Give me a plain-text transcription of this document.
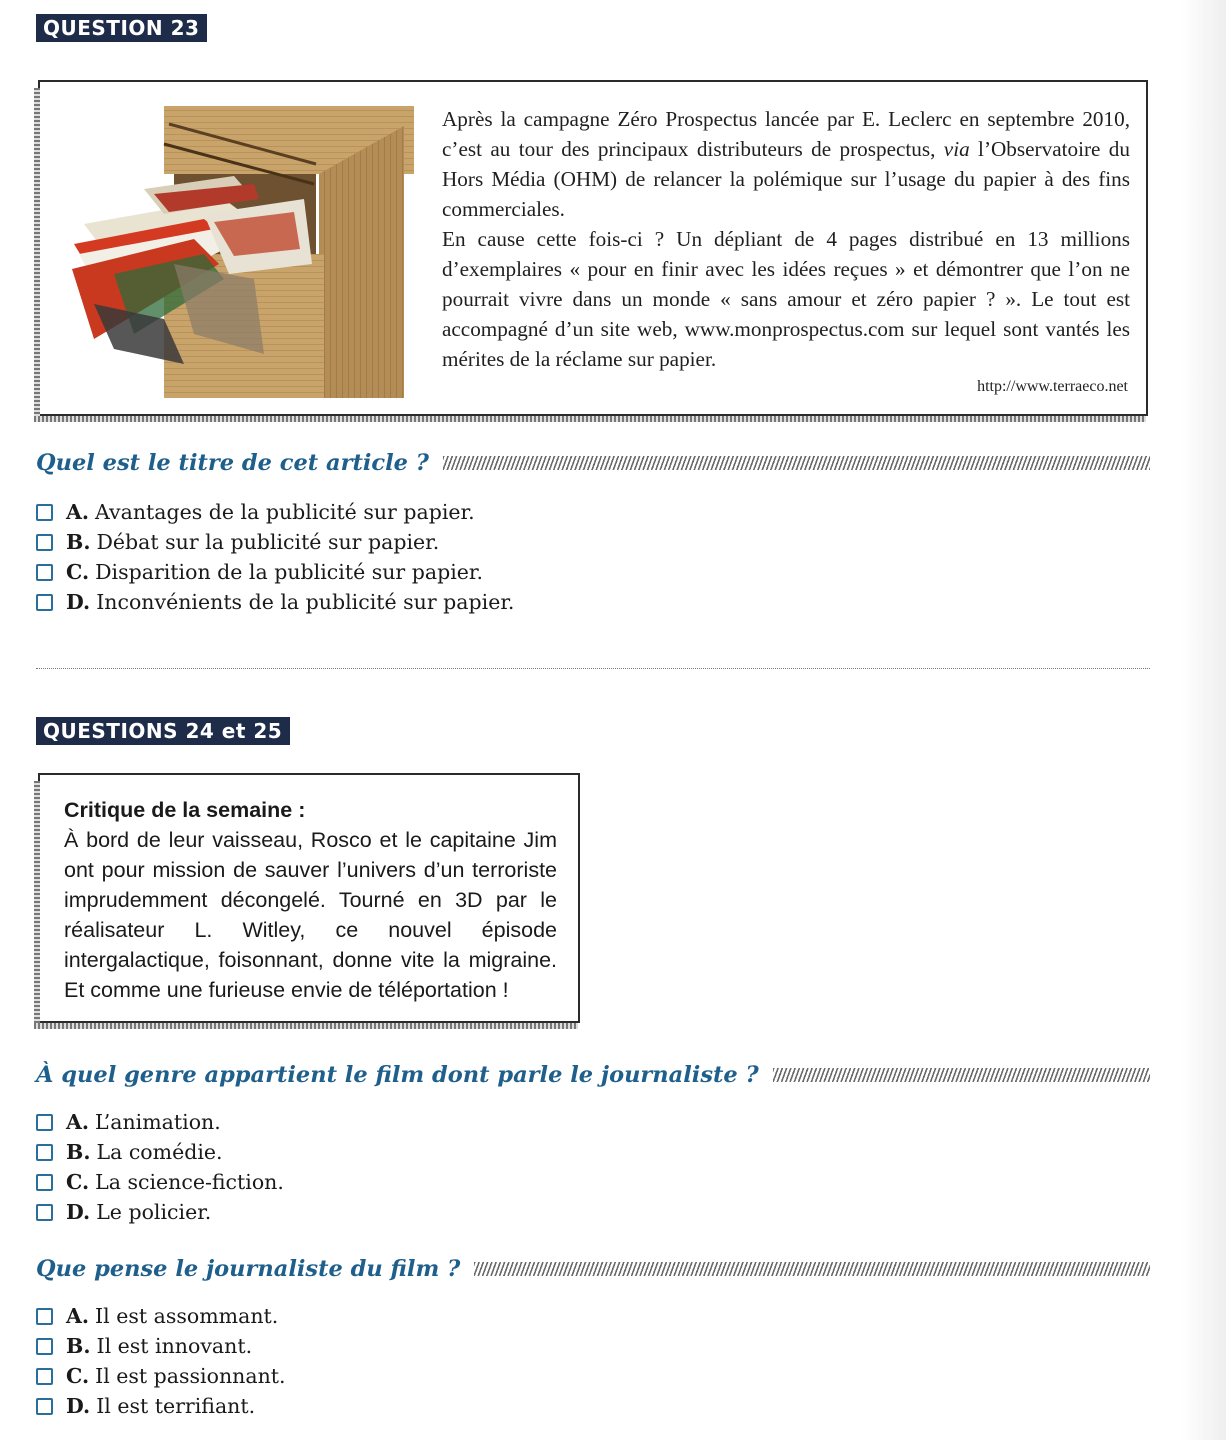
QUESTION 23

Après la campagne Zéro Prospectus lancée par E. Leclerc en septembre 2010, c’est au tour des principaux distributeurs de prospectus, via l’Observatoire du Hors Média (OHM) de relancer la polémique sur l’usage du papier à des fins commerciales.

En cause cette fois-ci ? Un dépliant de 4 pages distribué en 13 millions d’exemplaires « pour en finir avec les idées reçues » et démontrer que l’on ne pourrait vivre dans un monde « sans amour et zéro papier ? ». Le tout est accompagné d’un site web, www.monprospectus.com sur lequel sont vantés les mérites de la réclame sur papier.

http://www.terraeco.net
Quel est le titre de cet article ?
A. Avantages de la publicité sur papier.
B. Débat sur la publicité sur papier.
C. Disparition de la publicité sur papier.
D. Inconvénients de la publicité sur papier.
QUESTIONS 24 et 25
Critique de la semaine :
À bord de leur vaisseau, Rosco et le capitaine Jim ont pour mission de sauver l’univers d’un terroriste imprudemment décongelé. Tourné en 3D par le réalisateur L. Witley, ce nouvel épisode intergalactique, foisonnant, donne vite la migraine. Et comme une furieuse envie de téléportation !
À quel genre appartient le film dont parle le journaliste ?
A. L’animation.
B. La comédie.
C. La science-fiction.
D. Le policier.
Que pense le journaliste du film ?
A. Il est assommant.
B. Il est innovant.
C. Il est passionnant.
D. Il est terrifiant.
